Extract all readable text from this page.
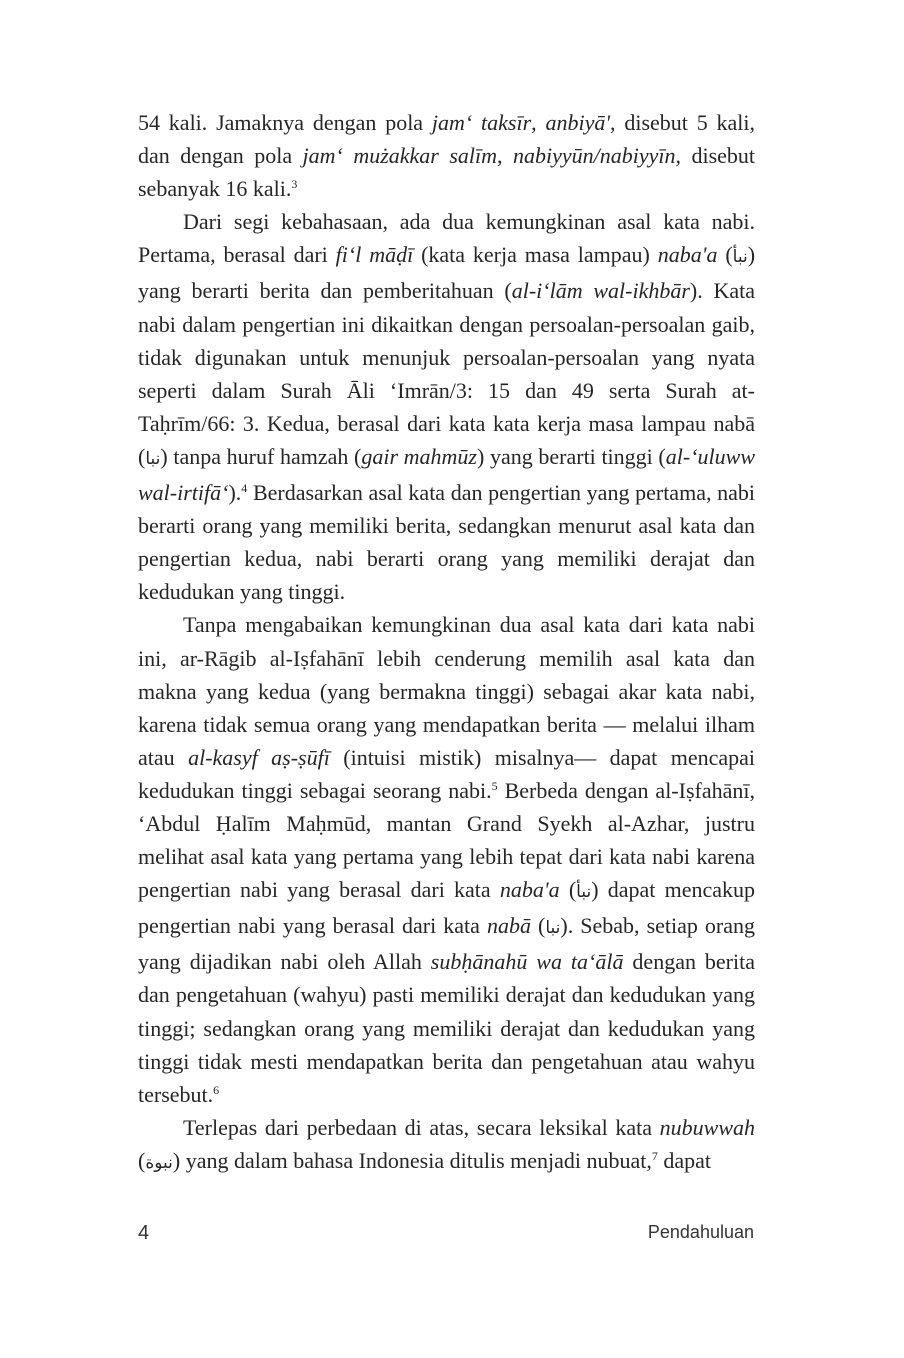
54 kali. Jamaknya dengan pola jam‘ taksīr, anbiyā', disebut 5 kali, dan dengan pola jam‘ mużakkar salīm, nabiyyūn/nabiyyīn, disebut sebanyak 16 kali.$^3$

Dari segi kebahasaan, ada dua kemungkinan asal kata nabi. Pertama, berasal dari fi‘l māḍī (kata kerja masa lampau) naba'a (نبأ) yang berarti berita dan pemberitahuan (al-i‘lām wal-ikhbār). Kata nabi dalam pengertian ini dikaitkan dengan persoalan-persoalan gaib, tidak digunakan untuk menunjuk persoalan-persoalan yang nyata seperti dalam Surah Āli ‘Imrān/3: 15 dan 49 serta Surah at-Taḥrīm/66: 3. Kedua, berasal dari kata kata kerja masa lampau nabā (نبا) tanpa huruf hamzah (gair mahmūz) yang berarti tinggi (al-‘uluww wal-irtifā‘).$^4$ Berdasarkan asal kata dan pengertian yang pertama, nabi berarti orang yang memiliki berita, sedangkan menurut asal kata dan pengertian kedua, nabi berarti orang yang memiliki derajat dan kedudukan yang tinggi.

Tanpa mengabaikan kemungkinan dua asal kata dari kata nabi ini, ar-Rāgib al-Iṣfahānī lebih cenderung memilih asal kata dan makna yang kedua (yang bermakna tinggi) sebagai akar kata nabi, karena tidak semua orang yang mendapatkan berita — melalui ilham atau al-kasyf aṣ-ṣūfī (intuisi mistik) misalnya— dapat mencapai kedudukan tinggi sebagai seorang nabi.$^5$ Berbeda dengan al-Iṣfahānī, ‘Abdul Ḥalīm Maḥmūd, mantan Grand Syekh al-Azhar, justru melihat asal kata yang pertama yang lebih tepat dari kata nabi karena pengertian nabi yang berasal dari kata naba'a (نبأ) dapat mencakup pengertian nabi yang berasal dari kata nabā (نبا). Sebab, setiap orang yang dijadikan nabi oleh Allah subḥānahū wa ta‘ālā dengan berita dan pengetahuan (wahyu) pasti memiliki derajat dan kedudukan yang tinggi; sedangkan orang yang memiliki derajat dan kedudukan yang tinggi tidak mesti mendapatkan berita dan pengetahuan atau wahyu tersebut.$^6$

Terlepas dari perbedaan di atas, secara leksikal kata nubuwwah (نبوة) yang dalam bahasa Indonesia ditulis menjadi nubuat,$^7$ dapat

4	Pendahuluan
